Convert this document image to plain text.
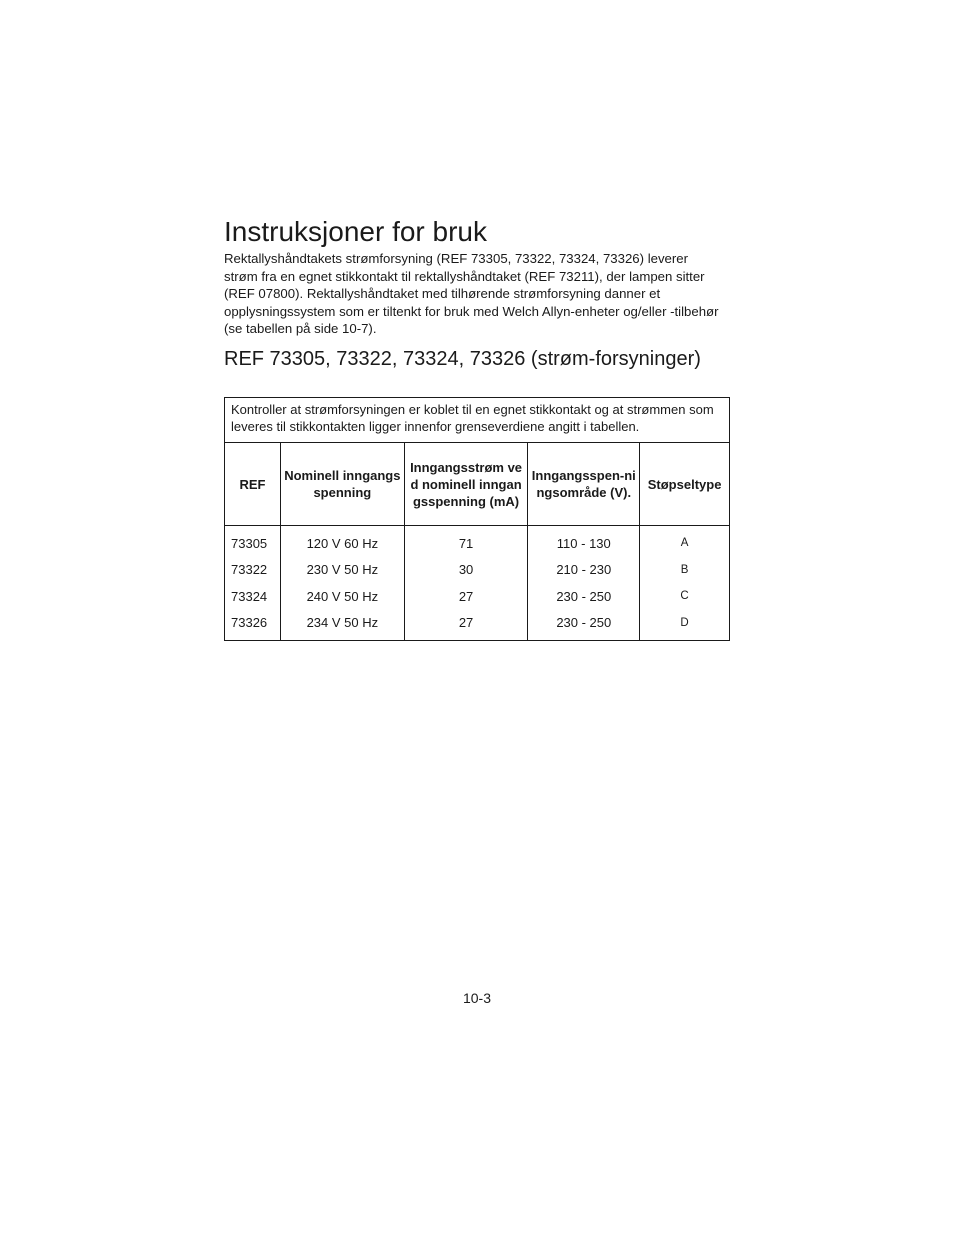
Instruksjoner for bruk

Rektallyshåndtakets strømforsyning (REF 73305, 73322, 73324, 73326) leverer strøm fra en egnet stikkontakt til rektallyshåndtaket (REF 73211), der lampen sitter (REF 07800). Rektallyshåndtaket med tilhørende strømforsyning danner et opplysningssystem som er tiltenkt for bruk med Welch Allyn-enheter og/eller -tilbehør (se tabellen på side 10-7).

REF 73305, 73322, 73324, 73326 (strøm-forsyninger)
Kontroller at strømforsyningen er koblet til en egnet stikkontakt og at strømmen som leveres til stikkontakten ligger innenfor grenseverdiene angitt i tabellen.				
REF	Nominell inngangsspenning	Inngangsstrøm ved nominell inngangsspenning (mA)	Inngangsspen-ningsområde (V).	Støpseltype
73305	120 V 60 Hz	71	110 - 130	A
73322	230 V 50 Hz	30	210 - 230	B
73324	240 V 50 Hz	27	230 - 250	C
73326	234 V 50 Hz	27	230 - 250	D

10-3
